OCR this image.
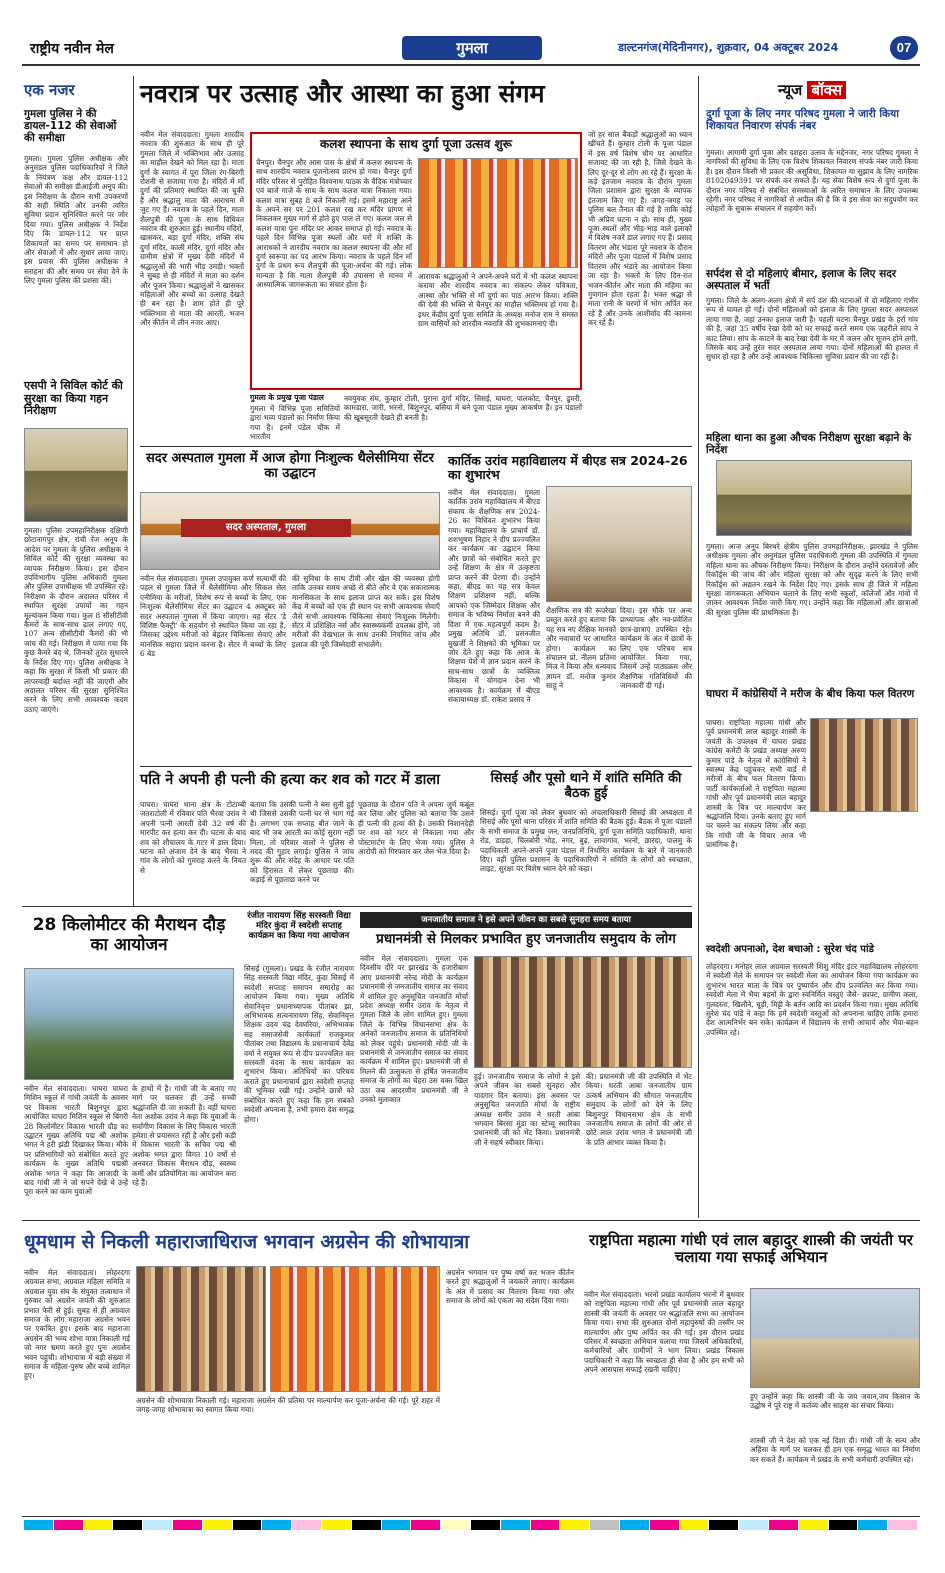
राष्ट्रीय नवीन मेल	गुमला	डाल्टनगंज(मेदिनीनगर), शुक्रवार, 04 अक्टूबर 2024	07
एक नजर
गुमला पुलिस ने की डायल-112 की सेवाओं की समीक्षा
गुमला। गुमला पुलिस अधीक्षक और अनुमंडल पुलिस पदाधिकारियों ने जिले के नियंत्रण कक्ष और डायल-112 सेवाओं की समीक्षा डीआईजी अनूप की। इस निरीक्षण के दौरान सभी उपकरणों की सही स्थिति और उनकी त्वरित सुविधा प्रदान सुनिश्चित करने पर जोर दिया गया। पुलिस अधीक्षक ने निर्देश दिए कि डायल-112 पर प्राप्त शिकायतों का समय पर समाधान हो और सेवाओं में और सुधार लाया जाए। इस प्रयास की पुलिस अधीक्षक ने सराहना की और समय पर सेवा देने के लिए गुमला पुलिस की प्रशंसा की।
एसपी ने सिविल कोर्ट की सुरक्षा का किया गहन निरीक्षण
गुमला। पुलिस उपमहानिरीक्षक दक्षिणी छोटानागपुर क्षेत्र, रांची रेंज अनूप के आदेश पर गुमला के पुलिस अधीक्षक ने सिविल कोर्ट की सुरक्षा व्यवस्था का व्यापक निरीक्षण किया। इस दौरान उपविभागीय पुलिस अधिकारी गुमला और पुलिस उपाधीक्षक भी उपस्थित रहे। निरीक्षण के दौरान अदालत परिसर में स्थापित सुरक्षा उपायों का गहन मूल्यांकन किया गया। कुल 8 सीसीटीवी कैमरों के साथ-साथ ढ़ाल लगाए गए, 107 अन्य सीसीटीवी कैमरों की भी जांच की गई। निरीक्षण में पाया गया कि कुछ कैमरे बंद थे, जिनको तुरंत सुधारने के निर्देश दिए गए। पुलिस अधीक्षक ने कहा कि सुरक्षा में किसी भी प्रकार की लापरवाही बर्दाश्त नहीं की जाएगी और अदालत परिसर की सुरक्षा सुनिश्चित करने के लिए सभी आवश्यक कदम उठाए जाएंगे।
नवरात्र पर उत्साह और आस्था का हुआ संगम
नवीन मेल संवाददाता। गुमला शारदीय नवरात्र की शुरुआत के साथ ही पूरे गुमला जिले में भक्तिभाव और उत्साह का माहौल देखने को मिल रहा है। माता दुर्गा के स्वागत में पूरा जिला रंग-बिरंगी रोशनी से सजाया गया है। मंदिरों में माँ दुर्गा की प्रतिमाएं स्थापित की जा चुकी हैं और श्रद्धालु माता की आराधना में जुट गए हैं। नवरात्र के पहले दिन, माता शैलपुत्री की पूजा के साथ विधिवत नवरात्र की शुरुआत हुई। स्थानीय मंदिरों, खासकर, बड़ा दुर्गा मंदिर, शक्ति संघ दुर्गा मंदिर, काली मंदिर, दुर्गा मंदिर और ग्रामीण क्षेत्रों में मुख्य देवी मंदिरों में श्रद्धालुओं की भारी भीड़ उमड़ी। भक्तों ने सुबह से ही मंदिरों में माता का दर्शन और पूजन किया। श्रद्धालुओं ने खासकर महिलाओं और बच्चों का उत्साह देखते ही बन रहा है। शाम होते ही पूरे भक्तिभाव से माता की आरती, भजन और कीर्तन में लीन नजर आए।
कलश स्थापना के साथ दुर्गा पूजा उत्सव शुरू
चैनपुर। चैनपुर और आस पास के क्षेत्रों में कलश स्थापना के साथ शारदीय नवरात्र पूजनोत्सव प्रारंभ हो गया। चैनपुर दुर्गा मंदिर परिसर से पुरोहित विश्वनाथ पाठक के वैदिक मंत्रोच्चार एवं बाजे गाजे के साथ के साथ कलश यात्रा निकाला गया। कलश यात्रा सुबह 8 बजे निकाली गई। इसमें महाराष्ट्र आने के अपने सर पर 201 कलश रख कर मंदिर प्रांगण से निकलकर मुख्य मार्ग से होते हुए पाल ले गए। कलश जल से कलश यात्रा पुनः मंदिर पर आकर समाप्त हो गई। नवरात्र के पहले दिन विभिन्न पूजा स्थलों और घरों में शक्ति के आराधकों ने शारदीय नवरात्र का कलश स्थापना की और माँ दुर्गा स्वरूपा का पद आरंभ किया। नवरात्र के पहले दिन माँ दुर्गा के प्रथम रूप शैलपुत्री की पूजा-अर्चना की गई। लोक मान्यता है कि माता शैलपुत्री की उपासना से मानव में आध्यात्मिक जागरूकता का संचार होता है।
आरायक श्रद्धालुओं ने अपने-अपने घरों में भी कलश स्थापना कराया और शारदीय नवरात्र का संकल्प लेकर पवित्रता, आस्था और भक्ति से माँ दुर्गा का पाठ आरंभ किया। शक्ति की देवी की भक्ति से चैनपुर का माहौल भक्तिमय हो गया है। इधर केंद्रीय दुर्गा पूजा समिति के अध्यक्ष मनोज राम ने समस्त ग्राम वासियों को शारदीय नवरात्रि की शुभकामनाएं दी।
जो हर साल बैंकड़ों श्रद्धालुओं का ध्यान खींचते हैं। कुम्हार टोली के पूजा पंडाल में इस वर्ष विशेष थीम पर आधारित सजावट की जा रही है, जिसे देखने के लिए दूर-दूर से लोग आ रहे हैं। सुरक्षा के कड़े इंतजाम नवरात्र के दौरान गुमला जिला प्रशासन द्वारा सुरक्षा के व्यापक इंतजाम किए गए हैं। जगह-जगह पर पुलिस बल तैनात की गई है ताकि कोई भी अप्रिय घटना न हो। साथ ही, मुख्य पूजा स्थलों और भीड़-भाड़ वाले इलाकों में विशेष नजरें डाल लगाए गए हैं। प्रसाद वितरण और भंडारा पूरे नवरात्र के दौरान मंदिरों और पूजा पंडालों में विशेष प्रसाद वितरण और भंडारे का आयोजन किया जा रहा है। भक्तों के लिए दिन-रात भजन-कीर्तन और माता की महिमा का गुणगान होता रहता है। भक्त श्रद्धा से माता रानी के चरणों में भोग अर्पित कर रहे हैं और उनके आशीर्वाद की कामना कर रहे हैं।
गुमला के प्रमुख पूजा पंडाल
गुमला में विभिन्न पूजा समितियों द्वारा भव्य पंडालों का निर्माण किया गया है। इनमें पंडेल चौक में भारतीय
नवयुवक संघ, कुम्हार टोली, पुराना दुर्गा मंदिर, सिसई, घाघरा, पालकोट, चैनपुर, डुमरी, कामडारा, जारी, भरनो, बिशुनपुर, बसिया में बने पूजा पंडाल मुख्य आकर्षण हैं। इन पंडालों की खूबसूरती देखते ही बनती है।
सदर अस्पताल गुमला में आज होगा निःशुल्क थैलेसीमिया सेंटर का उद्घाटन
सदर अस्पताल, गुमला
नवीन मेल संवाददाता। गुमला उपायुक्त कर्ण सत्यार्थी की पहल से गुमला जिले में थैलेसीमिया और सिकल सेल एनीमिया के मरीजों, विशेष रूप से बच्चों के लिए, एक निःशुल्क थैलेसीमिया सेंटर का उद्घाटन 4 अक्टूबर को सदर अस्पताल गुमला में किया जाएगा। यह सेंटर 'डे विशिष्ट फैक्ट्री' के सहयोग से स्थापित किया जा रहा है, जिसका उद्देश्य मरीजों को बेहतर चिकित्सा सेवाएं और मानसिक सहारा प्रदान करना है। सेंटर में बच्चों के लिए 6 बेड
की सुविधा के साथ टीवी और खेल की व्यवस्था होगी ताकि उनका समय अच्छे से बीते और वे एक सकारात्मक मानसिकता के साथ इलाज प्राप्त कर सकें। इस विशेष केंद्र में बच्चों को एक ही स्थान पर सभी आवश्यक सेवाएँ जैसे सभी आवश्यक चिकित्सा सेवाएं निःशुल्क मिलेंगी। सेंटर में प्रशिक्षित नर्स और स्वास्थ्यकर्मी उपलब्ध होंगे, जो मरीजों की देखभाल के साथ उनकी नियमित जांच और इलाज की पूरी जिम्मेदारी संभालेंगे।
कार्तिक उरांव महाविद्यालय में बीएड सत्र 2024-26 का शुभारंभ
नवीन मेल संवाददाता। गुमला कार्तिक उरांव महाविद्यालय में बीएड संकाय के शैक्षणिक सत्र 2024-26 का विधिवत शुभारंभ किया गया। महाविद्यालय के प्राचार्य डॉ. शशभूषण निहार ने दीप प्रज्ज्वलित कर कार्यक्रम का उद्घाटन किया और छात्रों को संबोधित करते हुए उन्हें शिक्षण के क्षेत्र में उत्कृष्टता प्राप्त करने की प्रेरणा दी। उन्होंने कहा, बीएड का यह सत्र केवल शिक्षण प्रशिक्षण नहीं, बल्कि आपको एक जिम्मेदार शिक्षक और समाज के भविष्य निर्माता बनने की दिशा में एक महत्वपूर्ण कदम है। प्रमुख अतिथि डॉ. प्रसनजीत मुखर्जी ने शिक्षकों की भूमिका पर जोर देते हुए कहा कि आज के शिक्षण पेशे में ज्ञान प्रदान करने के साथ-साथ छात्रों के व्यक्तित्व विकास में योगदान देना भी आवश्यक है। कार्यक्रम में बीएड संकायाध्यक्ष डॉ. राकेश प्रसाद ने
शैक्षणिक सत्र की रूपरेखा प्रस्तुत करते हुए बताया कि यह सत्र नए शैक्षिक मानकों और नवाचारों पर आधारित होगा। कार्यक्रम का संचालन प्रो. नीलम प्रतिमा मिंज ने किया और धन्यवाद ज्ञापन डॉ. मनोज कुमार साहू ने
दिया। इस मौके पर अन्य प्राध्यापक और नव-प्रवेशित छात्र-छात्राएं उपस्थित रहे। कार्यक्रम के अंत में छात्रों के लिए एक परिचय सत्र आयोजित किया गया, जिसमें उन्हें पाठ्यक्रम और शैक्षणिक गतिविधियों की जानकारी दी गई।
पति ने अपनी ही पत्नी की हत्या कर शव को गटर में डाला
घाघरा। घाघरा थाना क्षेत्र के टोटाम्बी जतराटोली में रविवार पति भैरवा उरांव ने अपनी पत्नी आरती देवी 32 वर्ष की मारपीट कर हत्या कर दी। घटना के बाद शव को शौचालय के गटर में डाल दिया। घटना को अंजाम देने के बाद भैरवा ने गांव के लोगों को गुमराह करने के नियत से
बताया कि उसकी पत्नी ने बस सुनी हुई थी जिससे उसकी पत्नी घर से भाग गई है। लगभग एक सप्ताह बीत जाने के बाद भी जब आरती का कोई सुराग नहीं मिला, तो परिवार वालों ने पुलिस से मदद की गुहार लगाई। पुलिस ने जांच शुरू की और संदेह के आधार पर पति को हिरासत में लेकर पूछताछ की। कड़ाई से पूछताछ करने पर
पूछताछ के दौरान पति ने अपना जुर्म कबूल कर लिया और पुलिस को बताया कि उसने ही पत्नी की हत्या की है। उसकी निशानदेही पर शव को गटर से निकाला गया और पोस्टमार्टम के लिए भेजा गया। पुलिस ने आरोपी को गिरफ्तार कर जेल भेज दिया है।
सिसई और पूसो थाने में शांति समिति की बैठक हुई
सिसई। दुर्गा पूजा को लेकर बुधवार को अंचलाधिकारी सिसई की अध्यक्षता में सिसई और पूसो थाना परिसर में शांति समिति की बैठक हुई। बैठक में पूजा पंडालों के सभी समाज के प्रमुख जन, जनप्रतिनिधि, दुर्गा पूजा समिति पदाधिकारी, थाना रोड, डाड़हा, चिलबोरी भोड़, नगर, बुढ़, लावागांव, भरनो, छारदा, पालमु के पदाधिकारी अपने-अपने पूजा पंडाल में निर्धारित कार्यक्रम के बारे में जानकारी दिए। वहीं पुलिस प्रशासन के पदाधिकारियों ने समिति के लोगों को स्वच्छता, लाइट, सुरक्षा पर विशेष ध्यान देने को कहा।
28 किलोमीटर की मैराथन दौड़ का आयोजन
नवीन मेल संवाददाता। घाघरा घाघरा मिशिन स्कूल में गांधी जयंती के अवसर पर विकास भारती बिशुनपुर द्वारा आयोजित घाघरा मिशिन स्कूल से बिंगरी 28 किलोमीटर विकास भारती दौड़ का उद्घाटन मुख्य अतिथि पद्म श्री अशोक भगत ने हरी झंडी दिखाकर किया। मौके पर प्रतिभागियों को संबोधित करते हुए कार्यक्रम के मुख्य अतिथि पद्मश्री अशोक भगत ने कहा कि आजादी के बाद गांधी जी ने जो सपने देखे थे उन्हें पूरा करने का काम युवाओं
के हाथों में है। गांधी जी के बताए गए मार्ग पर चलकर ही उन्हें सच्ची श्रद्धांजलि दी जा सकती है। वहीं घाघरा नेता अशोक उरांव ने कहा कि युवाओं के सर्वांगीण विकास के लिए विकास भारती हमेशा से प्रयासरत रही है और इसी कड़ी में विकास भारती के सचिव पद्म श्री अशोक भगत द्वारा विगत 10 वर्षों से अनवरत विकास मैराथन दौड़, स्वस्थ्य कर्मी और प्रतियोगिता का आयोजन करा रहे हैं।
रंजीत नारायण सिंह सरस्वती विद्या मंदिर कुंदा में स्वदेशी सप्ताह कार्यक्रम का किया गया आयोजन
सिसई (गुमला)। प्रखंड के रंजीत नारायण सिंह सरस्वती विद्या मंदिर, कुंदा सिसई में स्वदेशी सप्ताह समापन समारोह का आयोजन किया गया। मुख्य अतिथि सेवानिवृत्त प्रधानाध्यापक पीतांबर झा, अभिभावक सत्यनारायण सिंह, सेवानिवृत्त शिक्षक उदय चंद्र देवघरिया, अभिभावक सह समाजसेवी कार्यकर्ता राजकुमार पीतांबर तथा विद्यालय के प्रधानाचार्य देवेंद्र वर्मा ने संयुक्त रूप से दीप प्रज्ज्वलित कर सरस्वती वंदना के साथ कार्यक्रम का शुभारंभ किया। अतिथियों का परिचय कराते हुए प्रधानाचार्य द्वारा स्वदेशी सप्ताह की भूमिका रखी गई। उन्होंने छात्रों को संबोधित करते हुए कहा कि हम सबको स्वदेशी अपनाना है, तभी हमारा देश समृद्ध होगा।
जनजातीय समाज ने इसे अपने जीवन का सबसे सुनहरा समय बताया
प्रधानमंत्री से मिलकर प्रभावित हुए जनजातीय समुदाय के लोग
नवीन मेल संवाददाता। गुमला एक दिवसीय दौरे पर झारखंड के हजारीबाग आए प्रधानमंत्री नरेन्द्र मोदी के कार्यक्रम प्रधानमंत्री से जनजातीय समाज का संवाद में शामिल हुए अनुसूचित जनजाति मोर्चा प्रदेश अध्यक्ष समीर उरांव के नेतृत्व में गुमला जिले के लोग शामिल हुए। गुमला जिले के विभिन्न विधानसभा क्षेत्र के अनेकों जनजातीय समाज के प्रतिनिधियों को लेकर पहुंचे। प्रधानमंत्री मोदी जी के प्रधानमंत्री से जनजातीय समाज का संवाद कार्यक्रम में शामिल हुए। प्रधानमंत्री जी से मिलने की उत्सुकता से हर्षित जनजातीय समाज के लोगों का चेहरा उस वक्त खिल उठा जब आदरणीय प्रधानमंत्री जी ने उनको मुलाकात
हुई। जनजातीय समाज के लोगों ने इसे अपने जीवन का सबसे सुनहरा और यादगार दिन बताया। इस अवसर पर अनुसूचित जनजाति मोर्चा के राष्ट्रीय अध्यक्ष समीर उरांव ने धरती आबा भगवान बिरसा मुंडा का स्टेच्यू स्मारिका प्रधानमंत्री जी को भेंट किया। प्रधानमंत्री जी ने सहर्ष स्वीकार किया।
की। प्रधानमंत्री जी की उपस्थिति में भेंट किया। धरती आबा जनजातीय ग्राम उत्कर्ष अभियान की सौगात जनजातीय समुदाय के लोगों को देने के लिए बिशुनपुर विधानसभा क्षेत्र के सभी जनजातीय समाज के लोगों की ओर से छोटे लाल उरांव भगत ने प्रधानमंत्री जी के प्रति आभार व्यक्त किया है।
धूमधाम से निकली महाराजाधिराज भगवान अग्रसेन की शोभायात्रा
नवीन मेल संवाददाता। लोहरदगा अग्रवाल सभा, अग्रवाल महिला समिति व अग्रवाल युवा संघ के संयुक्त तत्वाधान में गुरुवार को अग्रसेन जयंती की शुरुआत प्रभात फेरी से हुई। सुबह से ही अग्रवाल समाज के लोग महाराजा अग्रसेन भवन पर एकत्रित हुए। इसके बाद महाराजा अग्रसेन की भव्य शोभा यात्रा निकाली गई जो नगर भ्रमण करते हुए पुनः अग्रसेन भवन पहुंची। शोभायात्रा में बड़ी संख्या में समाज के महिला-पुरुष और बच्चे शामिल हुए।
अग्रसेन की शोभायात्रा निकाली गई। महाराजा अग्रसेन की प्रतिमा पर माल्यार्पण कर पूजा-अर्चना की गई। पूरे शहर में जगह-जगह शोभायात्रा का स्वागत किया गया।
अग्रसेन भगवान पर पुष्प वर्षा कर भजन कीर्तन करते हुए श्रद्धालुओं ने जयकारे लगाए। कार्यक्रम के अंत में प्रसाद का वितरण किया गया और समाज के लोगों को एकता का संदेश दिया गया।
राष्ट्रपिता महात्मा गांधी एवं लाल बहादुर शास्त्री की जयंती पर चलाया गया सफाई अभियान
नवीन मेल संवाददाता। भरनो प्रखंड कार्यालय भरनो में बुधवार को राष्ट्रपिता महात्मा गांधी और पूर्व प्रधानमंत्री लाल बहादुर शास्त्री की जयंती के अवसर पर श्रद्धांजलि सभा का आयोजन किया गया। सभा की शुरुआत दोनों महापुरुषों की तस्वीर पर माल्यार्पण और पुष्प अर्पित कर की गई। इस दौरान प्रखंड परिसर में स्वच्छता अभियान चलाया गया जिसमें अधिकारियों, कर्मचारियों और ग्रामीणों ने भाग लिया। प्रखंड विकास पदाधिकारी ने कहा कि स्वच्छता ही सेवा है और हम सभी को अपने आसपास सफाई रखनी चाहिए।
हुए उन्होंने कहा कि शास्त्री जी के जय जवान,जय किसान के उद्घोष ने पूरे राष्ट्र में कर्तव्य और साहस का संचार किया।
शास्त्री जी ने देश को एक नई दिशा दी। गांधी जी के सत्य और अहिंसा के मार्ग पर चलकर ही हम एक समृद्ध भारत का निर्माण कर सकते हैं। कार्यक्रम में प्रखंड के सभी कर्मचारी उपस्थित रहे।
न्यूज बॉक्स
दुर्गा पूजा के लिए नगर परिषद गुमला ने जारी किया शिकायत निवारण संपर्क नंबर
गुमला। आगामी दुर्गा पूजा और दशहरा उत्सव के मद्देनजर, नगर परिषद गुमला ने नागरिकों की सुविधा के लिए एक विशेष शिकायत निवारण संपर्क नंबर जारी किया है। इस दौरान किसी भी प्रकार की असुविधा, शिकायत या सुझाव के लिए नागरिक 8102049391 पर संपर्क कर सकते हैं। यह सेवा विशेष रूप से दुर्गा पूजा के दौरान नगर परिषद से संबंधित समस्याओं के त्वरित समाधान के लिए उपलब्ध रहेगी। नगर परिषद ने नागरिकों से अपील की है कि वे इस सेवा का सदुपयोग कर त्योहारों के सुचारू संचालन में सहयोग करें।
सर्पदंश से दो महिलाएं बीमार, इलाज के लिए सदर अस्पताल में भर्ती
गुमला। जिले के अलग-अलग क्षेत्रों में सर्प दंश की घटनाओं में दो महिलाएं गंभीर रूप से घायल हो गईं। दोनों महिलाओं को इलाज के लिए गुमला सदर अस्पताल लाया गया है, जहां उनका इलाज जारी है। पहली घटना चैनपुर प्रखंड के हर्रा गांव की है, जहां 35 वर्षीय रेखा देवी को घर सफाई करते समय एक जहरीले सांप ने काट लिया। सांप के काटने के बाद रेखा देवी के घर में जलन और सूजन होने लगी, जिसके बाद उन्हें तुरंत सदर अस्पताल लाया गया। दोनों महिलाओं की हालत में सुधार हो रहा है और उन्हें आवश्यक चिकित्सा सुविधा प्रदान की जा रही है।
महिला थाना का हुआ औचक निरीक्षण सुरक्षा बढ़ाने के निर्देश
गुमला। आज अनूप बिरथरे क्षेत्रीय पुलिस उपमहानिरीक्षक, झारखंड ने पुलिस अधीक्षक गुमला और अनुमंडल पुलिस पदाधिकारी गुमला की उपस्थिति में गुमला महिला थाना का औचक निरीक्षण किया। निरीक्षण के दौरान उन्होंने दस्तावेजों और रिकॉर्ड्स की जांच की और महिला सुरक्षा को और सुदृढ़ करने के लिए सभी रिकॉर्ड्स को अद्यतन रखने के निर्देश दिए गए। इसके साथ ही जिले में महिला सुरक्षा जागरूकता अभियान चलाने के लिए सभी स्कूलों, कॉलेजों और गांवों में जाकर आवश्यक निर्देश जारी किए गए। उन्होंने कहा कि महिलाओं और छात्राओं की सुरक्षा पुलिस की प्राथमिकता है।
घाघरा में कांग्रेसियों ने मरीज के बीच किया फल वितरण
घाघरा। राष्ट्रपिता महात्मा गांधी और पूर्व प्रधानमंत्री लाल बहादुर शास्त्री के जयंती के उपलक्ष्य में घाघरा प्रखंड कांग्रेस कमेटी के प्रखंड अध्यक्ष अरुण कुमार पांडे के नेतृत्व में कांग्रेसियों ने स्वास्थ्य केंद्र पहुंचकर सभी वार्ड में मरीजों के बीच फल वितरण किया। पार्टी कार्यकर्ताओं ने राष्ट्रपिता महात्मा गांधी और पूर्व प्रधानमंत्री लाल बहादुर शास्त्री के चित्र पर माल्यार्पण कर श्रद्धांजलि दिया। उनके बताए हुए मार्ग पर चलने का संकल्प लिया और कहा कि गांधी जी के विचार आज भी प्रासंगिक हैं।
स्वदेशी अपनाओ, देश बचाओ : सुरेश चंद पांडे
लोहरदगा। मनोहर लाल अग्रवाल सरस्वती शिशु मंदिर इंटर महाविद्यालय लोहरदगा में स्वदेशी मेले के समापन पर स्वदेशी मेला का आयोजन किया गया कार्यक्रम का शुभारंभ भारत माता के चित्र पर पुष्पार्चन और दीप प्रज्वलित कर किया गया। स्वदेशी मेला में भैया बहनों के द्वारा स्वनिर्मित वस्तुएं जैसे- क्राफ्ट, ग्रामीण कला, गुलदस्ता, खिलौने, चूड़ी, मिट्टी के बर्तन आदि का प्रदर्शन किया गया। मुख्य अतिथि सुरेश चंद पांडे ने कहा कि हमें स्वदेशी वस्तुओं को अपनाना चाहिए ताकि हमारा देश आत्मनिर्भर बन सके। कार्यक्रम में विद्यालय के सभी आचार्य और भैया-बहन उपस्थित रहे।
